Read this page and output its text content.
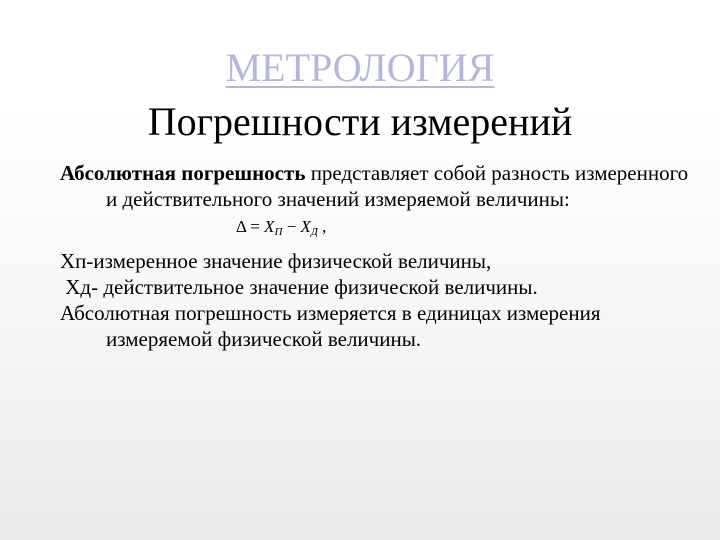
МЕТРОЛОГИЯ
Погрешности измерений

Абсолютная погрешность представляет собой разность измеренного и действительного значений измеряемой величины:

$\Delta = X_П - X_Д$ ,

Хп-измеренное значение физической величины,

Хд- действительное значение физической величины.

Абсолютная погрешность измеряется в единицах измерения измеряемой физической величины.
